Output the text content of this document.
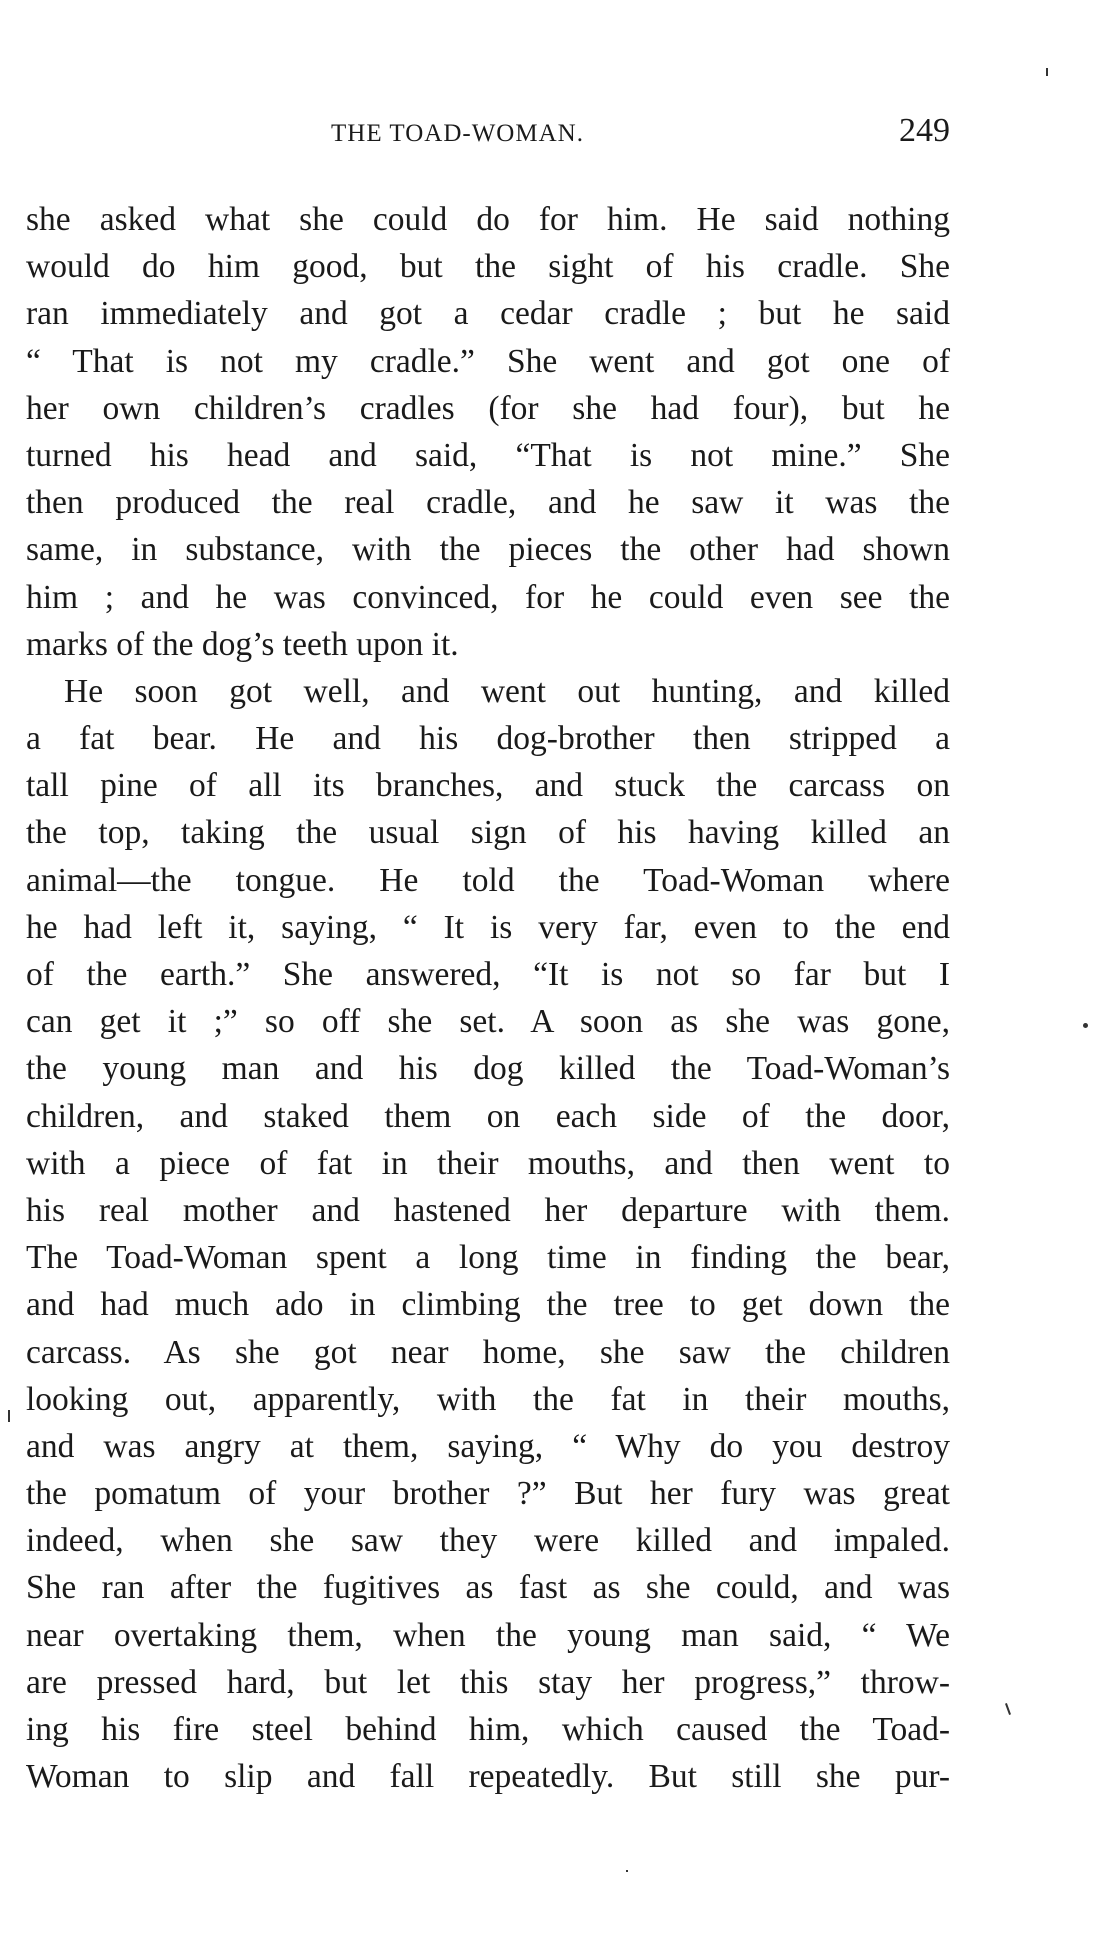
THE TOAD-WOMAN.	249
she asked what she could do for him. He said nothing
would do him good, but the sight of his cradle. She
ran immediately and got a cedar cradle ; but he said
“ That is not my cradle.” She went and got one of
her own children’s cradles (for she had four), but he
turned his head and said, “That is not mine.” She
then produced the real cradle, and he saw it was the
same, in substance, with the pieces the other had shown
him ; and he was convinced, for he could even see the
marks of the dog’s teeth upon it.
He soon got well, and went out hunting, and killed
a fat bear. He and his dog-brother then stripped a
tall pine of all its branches, and stuck the carcass on
the top, taking the usual sign of his having killed an
animal—the tongue. He told the Toad-Woman where
he had left it, saying, “ It is very far, even to the end
of the earth.” She answered, “It is not so far but I
can get it ;” so off she set. A soon as she was gone,
the young man and his dog killed the Toad-Woman’s
children, and staked them on each side of the door,
with a piece of fat in their mouths, and then went to
his real mother and hastened her departure with them.
The Toad-Woman spent a long time in finding the bear,
and had much ado in climbing the tree to get down the
carcass. As she got near home, she saw the children
looking out, apparently, with the fat in their mouths,
and was angry at them, saying, “ Why do you destroy
the pomatum of your brother ?” But her fury was great
indeed, when she saw they were killed and impaled.
She ran after the fugitives as fast as she could, and was
near overtaking them, when the young man said, “ We
are pressed hard, but let this stay her progress,” throw-
ing his fire steel behind him, which caused the Toad-
Woman to slip and fall repeatedly. But still she pur-
